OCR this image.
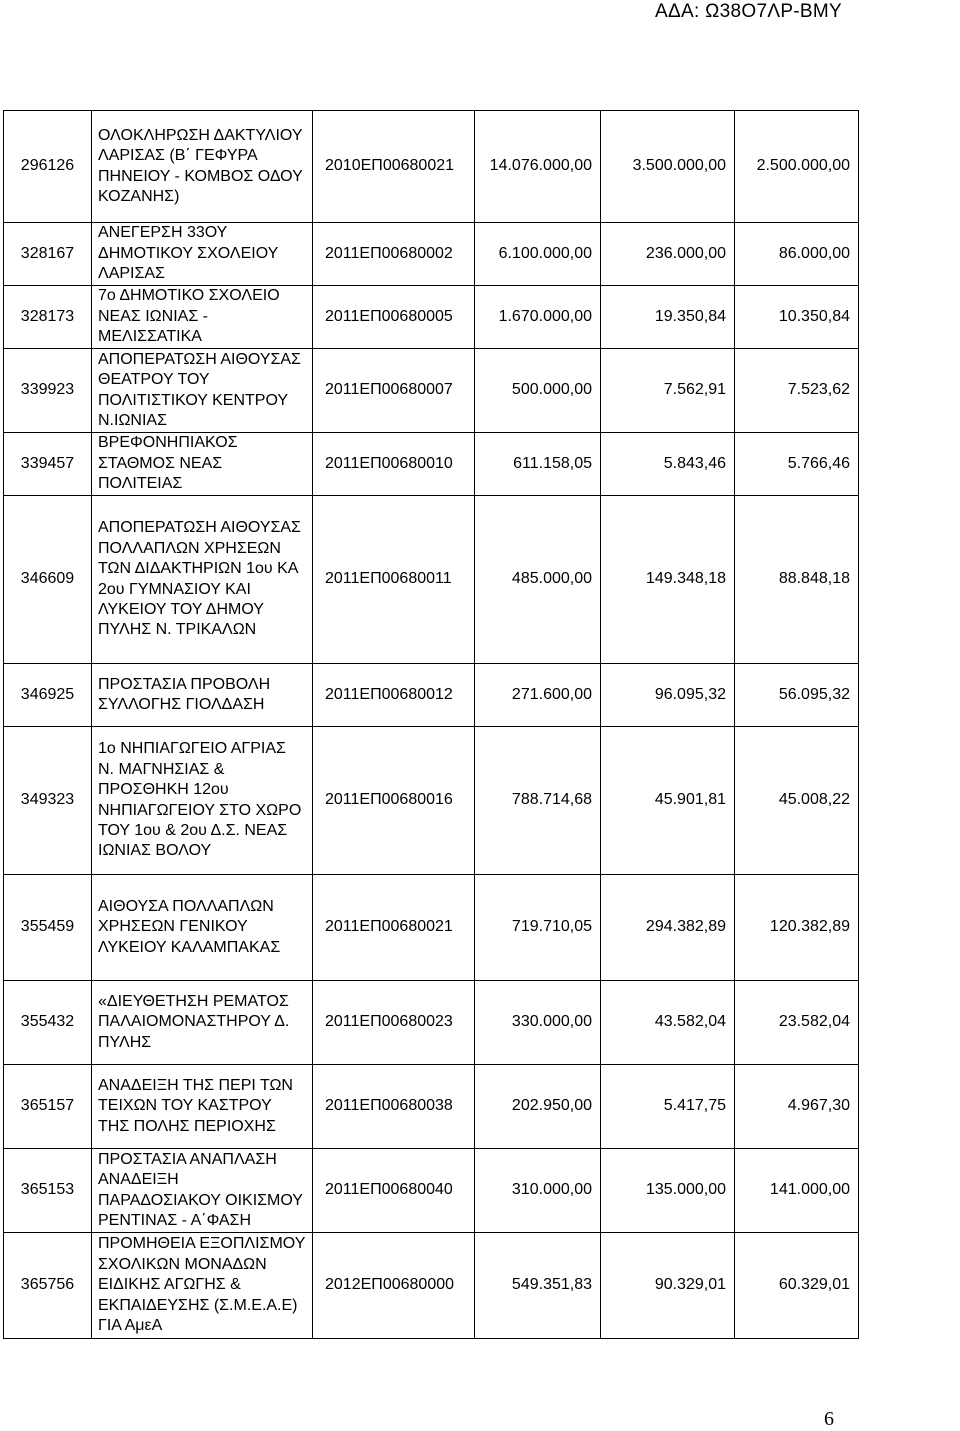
ΑΔΑ: Ω38Ο7ΛΡ-ΒΜΥ
296126	ΟΛΟΚΛΗΡΩΣΗ ΔΑΚΤΥΛΙΟΥ ΛΑΡΙΣΑΣ (Β΄ ΓΕΦΥΡΑ ΠΗΝΕΙΟΥ - ΚΟΜΒΟΣ ΟΔΟΥ ΚΟΖΑΝΗΣ)	2010ΕΠ00680021	14.076.000,00	3.500.000,00	2.500.000,00
328167	ΑΝΕΓΕΡΣΗ 33ΟΥ ΔΗΜΟΤΙΚΟΥ ΣΧΟΛΕΙΟΥ ΛΑΡΙΣΑΣ	2011ΕΠ00680002	6.100.000,00	236.000,00	86.000,00
328173	7ο ΔΗΜΟΤΙΚΟ ΣΧΟΛΕΙΟ ΝΕΑΣ ΙΩΝΙΑΣ - ΜΕΛΙΣΣΑΤΙΚΑ	2011ΕΠ00680005	1.670.000,00	19.350,84	10.350,84
339923	ΑΠΟΠΕΡΑΤΩΣΗ ΑΙΘΟΥΣΑΣ ΘΕΑΤΡΟΥ ΤΟΥ ΠΟΛΙΤΙΣΤΙΚΟΥ ΚΕΝΤΡΟΥ Ν.ΙΩΝΙΑΣ	2011ΕΠ00680007	500.000,00	7.562,91	7.523,62
339457	ΒΡΕΦΟΝΗΠΙΑΚΟΣ ΣΤΑΘΜΟΣ ΝΕΑΣ ΠΟΛΙΤΕΙΑΣ	2011ΕΠ00680010	611.158,05	5.843,46	5.766,46
346609	ΑΠΟΠΕΡΑΤΩΣΗ ΑΙΘΟΥΣΑΣ ΠΟΛΛΑΠΛΩΝ ΧΡΗΣΕΩΝ ΤΩΝ ΔΙΔΑΚΤΗΡΙΩΝ 1ου ΚΑ 2ου ΓΥΜΝΑΣΙΟΥ ΚΑΙ ΛΥΚΕΙΟΥ ΤΟΥ ΔΗΜΟΥ ΠΥΛΗΣ Ν. ΤΡΙΚΑΛΩΝ	2011ΕΠ00680011	485.000,00	149.348,18	88.848,18
346925	ΠΡΟΣΤΑΣΙΑ ΠΡΟΒΟΛΗ ΣΥΛΛΟΓΗΣ ΓΙΟΛΔΑΣΗ	2011ΕΠ00680012	271.600,00	96.095,32	56.095,32
349323	1ο ΝΗΠΙΑΓΩΓΕΙΟ ΑΓΡΙΑΣ Ν. ΜΑΓΝΗΣΙΑΣ & ΠΡΟΣΘΗΚΗ 12ου ΝΗΠΙΑΓΩΓΕΙΟΥ ΣΤΟ ΧΩΡΟ ΤΟΥ 1ου & 2ου Δ.Σ. ΝΕΑΣ ΙΩΝΙΑΣ ΒΟΛΟΥ	2011ΕΠ00680016	788.714,68	45.901,81	45.008,22
355459	ΑΙΘΟΥΣΑ ΠΟΛΛΑΠΛΩΝ ΧΡΗΣΕΩΝ ΓΕΝΙΚΟΥ ΛΥΚΕΙΟΥ ΚΑΛΑΜΠΑΚΑΣ	2011ΕΠ00680021	719.710,05	294.382,89	120.382,89
355432	«ΔΙΕΥΘΕΤΗΣΗ ΡΕΜΑΤΟΣ ΠΑΛΑΙΟΜΟΝΑΣΤΗΡΟΥ Δ. ΠΥΛΗΣ	2011ΕΠ00680023	330.000,00	43.582,04	23.582,04
365157	ΑΝΑΔΕΙΞΗ ΤΗΣ ΠΕΡΙ ΤΩΝ ΤΕΙΧΩΝ ΤΟΥ ΚΑΣΤΡΟΥ ΤΗΣ ΠΟΛΗΣ ΠΕΡΙΟΧΗΣ	2011ΕΠ00680038	202.950,00	5.417,75	4.967,30
365153	ΠΡΟΣΤΑΣΙΑ ΑΝΑΠΛΑΣΗ ΑΝΑΔΕΙΞΗ ΠΑΡΑΔΟΣΙΑΚΟΥ ΟΙΚΙΣΜΟΥ ΡΕΝΤΙΝΑΣ - Α΄ΦΑΣΗ	2011ΕΠ00680040	310.000,00	135.000,00	141.000,00
365756	ΠΡΟΜΗΘΕΙΑ ΕΞΟΠΛΙΣΜΟΥ ΣΧΟΛΙΚΩΝ ΜΟΝΑΔΩΝ ΕΙΔΙΚΗΣ ΑΓΩΓΗΣ & ΕΚΠΑΙΔΕΥΣΗΣ (Σ.Μ.Ε.Α.Ε) ΓΙΑ ΑμεΑ	2012ΕΠ00680000	549.351,83	90.329,01	60.329,01
6
